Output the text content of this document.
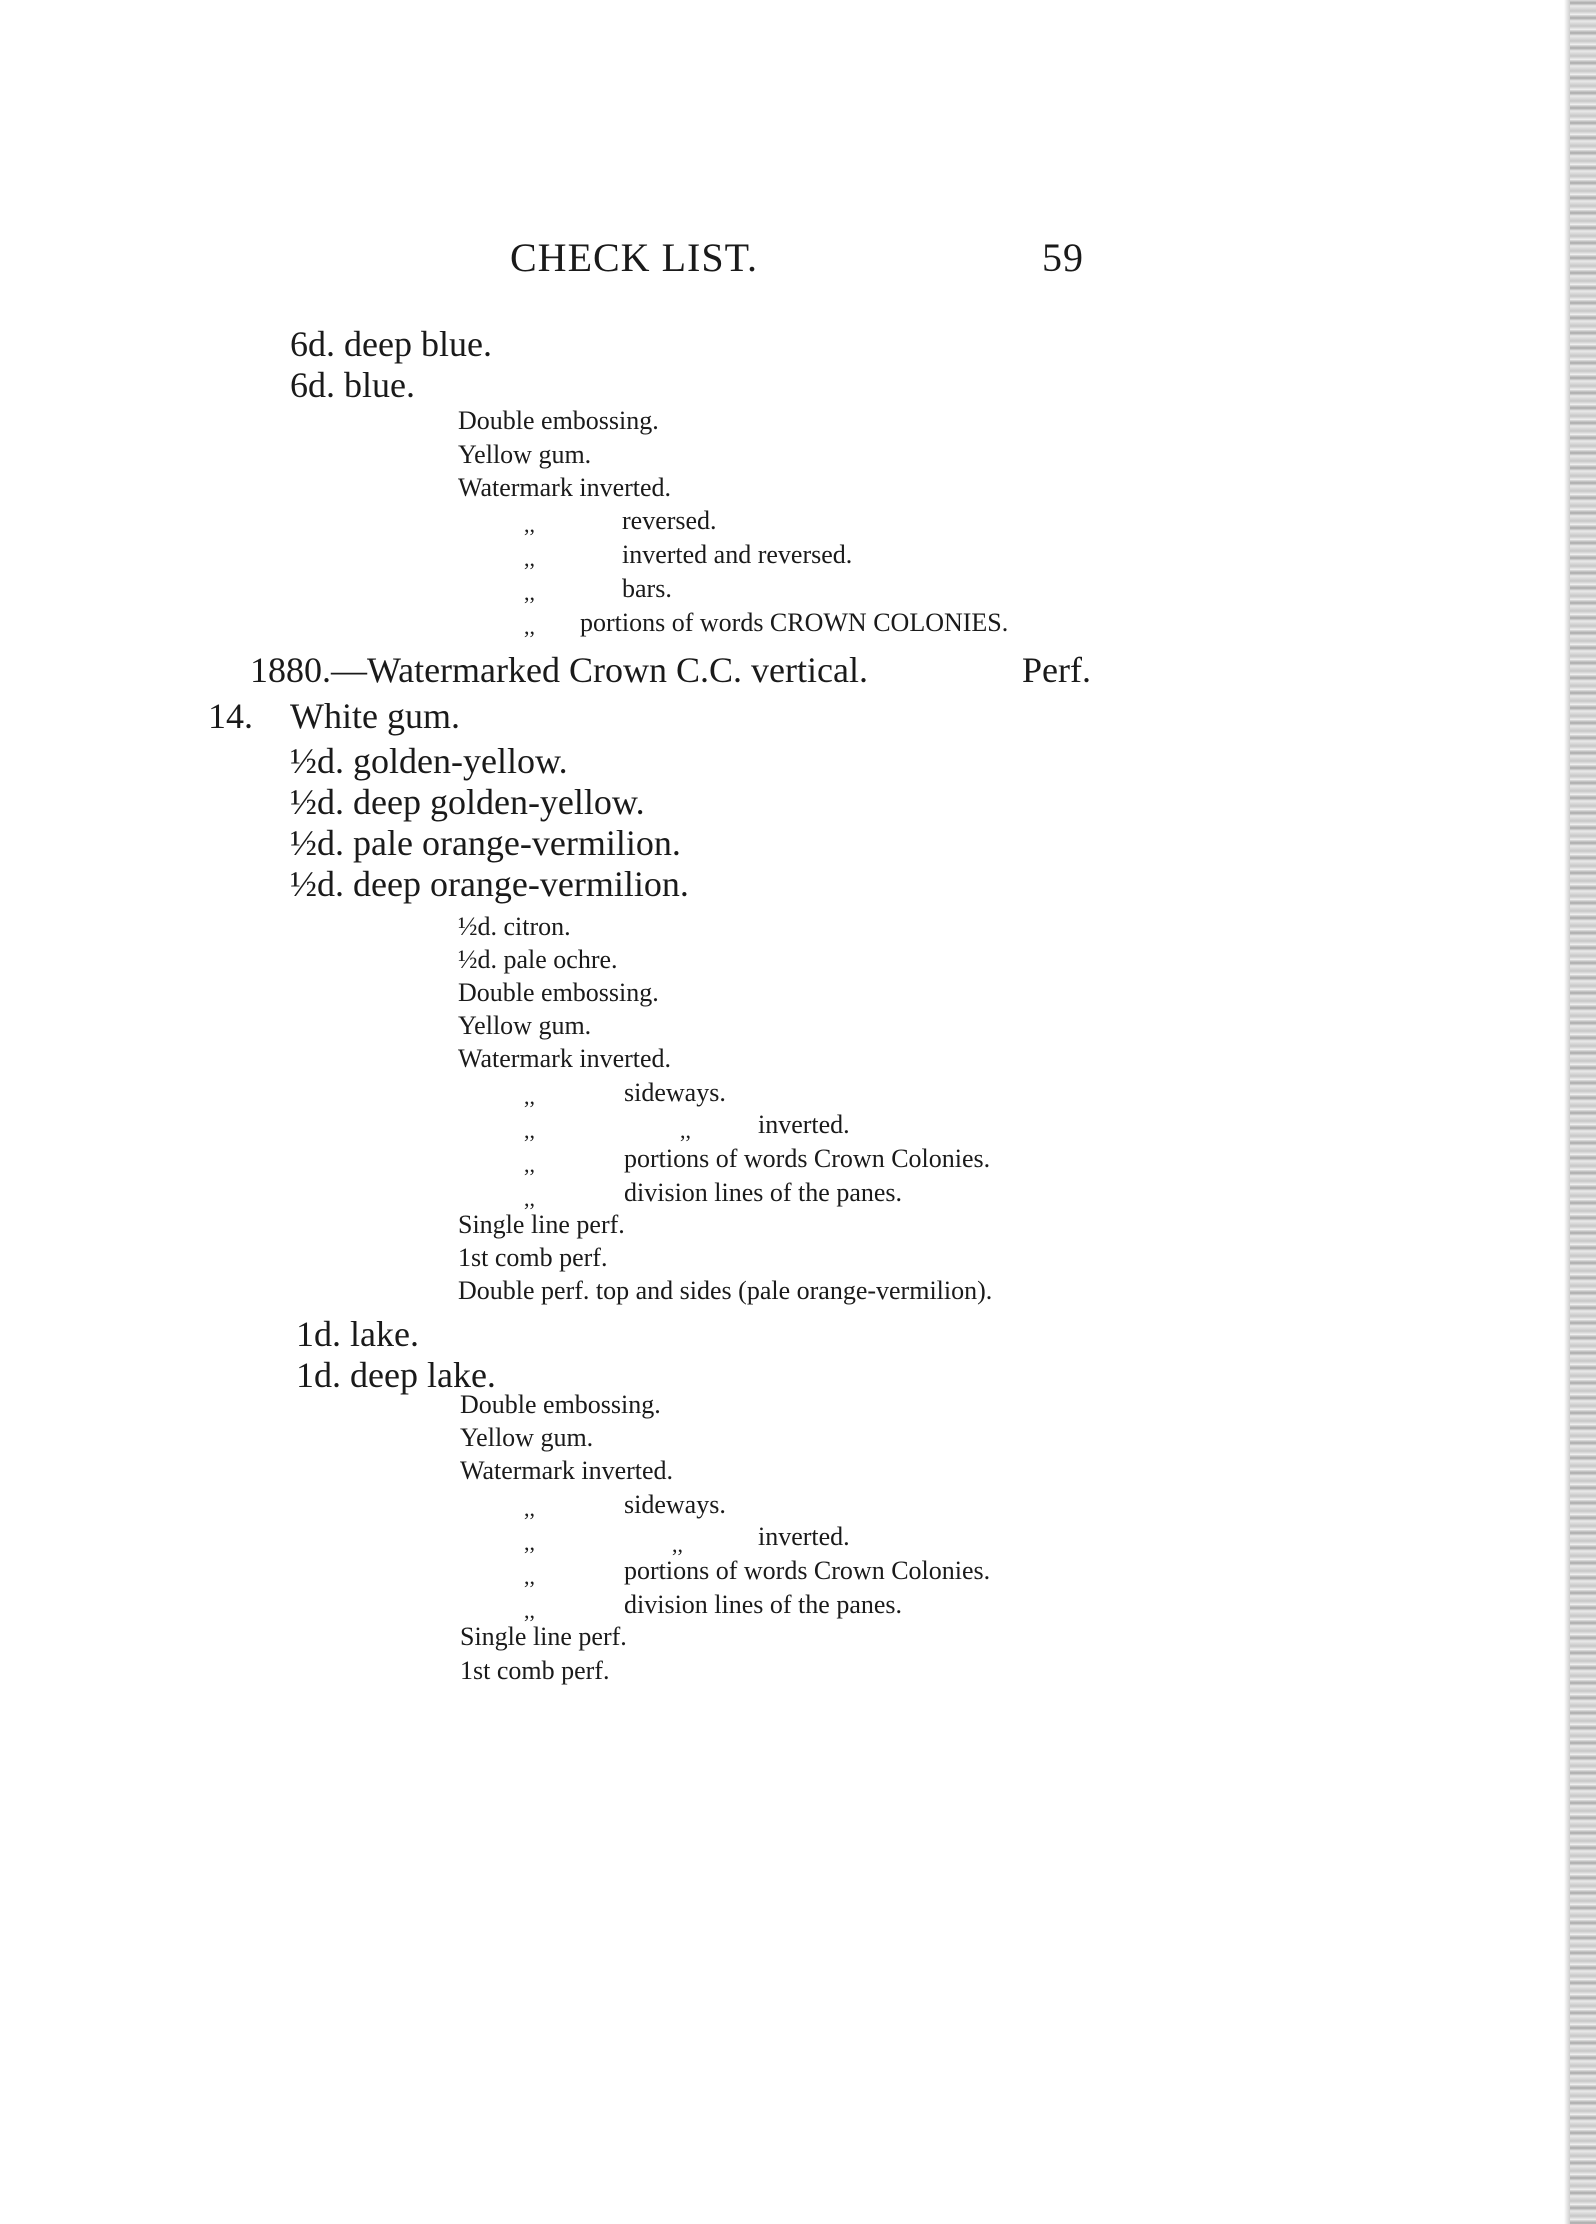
CHECK LIST.	59
6d. deep blue.
6d. blue.
Double embossing.
Yellow gum.
Watermark inverted.
,,	reversed.
,,	inverted and reversed.
,,	bars.
,, portions of words CROWN COLONIES.
1880.—Watermarked Crown C.C. vertical.	Perf.
14. White gum.
½d. golden-yellow.
½d. deep golden-yellow.
½d. pale orange-vermilion.
½d. deep orange-vermilion.
½d. citron.
½d. pale ochre.
Double embossing.
Yellow gum.
Watermark inverted.
,,	sideways.
,,	,,	inverted.
,,	portions of words Crown Colonies.
,,	division lines of the panes.
Single line perf.
1st comb perf.
Double perf. top and sides (pale orange-vermilion).
1d. lake.
1d. deep lake.
Double embossing.
Yellow gum.
Watermark inverted.
,,	sideways.
,,	,,	inverted.
,,	portions of words Crown Colonies.
,,	division lines of the panes.
Single line perf.
1st comb perf.
